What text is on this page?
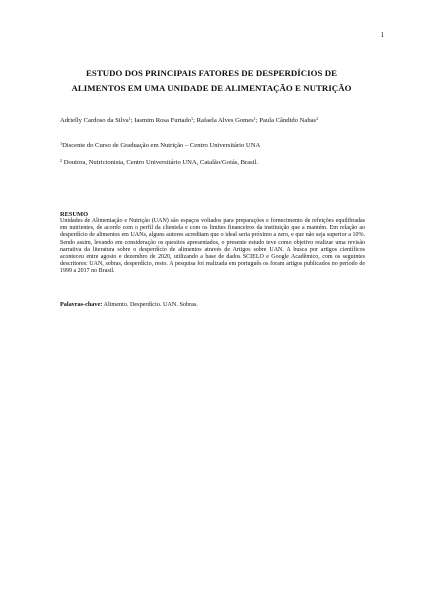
1
ESTUDO DOS PRINCIPAIS FATORES DE DESPERDÍCIOS DE
ALIMENTOS EM UMA UNIDADE DE ALIMENTAÇÃO E NUTRIÇÃO
Adrielly Cardoso da Silva$^1$; Iasmim Rosa Furtado$^1$; Rafaela Alves Gomes$^1$; Paula Cândido Nahas$^2$
$^1$Discente do Curso de Graduação em Nutrição – Centro Universitário UNA
$^2$ Doutora, Nutricionista, Centro Universitário UNA, Catalão/Goiás, Brasil.
RESUMO

Unidades de Alimentação e Nutrição (UAN) são espaços voltados para preparações e fornecimento de refeições equilibradas em nutrientes, de acordo com o perfil da clientela e com os limites financeiros da instituição que a mantém. Em relação ao desperdício de alimentos em UANs, alguns autores acreditam que o ideal seria próximo a zero, e que não seja superior a 10%. Sendo assim, levando em consideração os quesitos apresentados, o presente estudo teve como objetivo realizar uma revisão narrativa da literatura sobre o desperdício de alimentos através de Artigos sobre UAN. A busca por artigos científicos aconteceu entre agosto e dezembro de 2020, utilizando a base de dados SCIELO e Google Acadêmico, com os seguintes descritores: UAN, sobras, desperdício, resto. A pesquisa foi realizada em português os foram artigos publicados no período de 1999 a 2017 no Brasil.

Palavras-chave: Alimento. Desperdício. UAN. Sobras.
